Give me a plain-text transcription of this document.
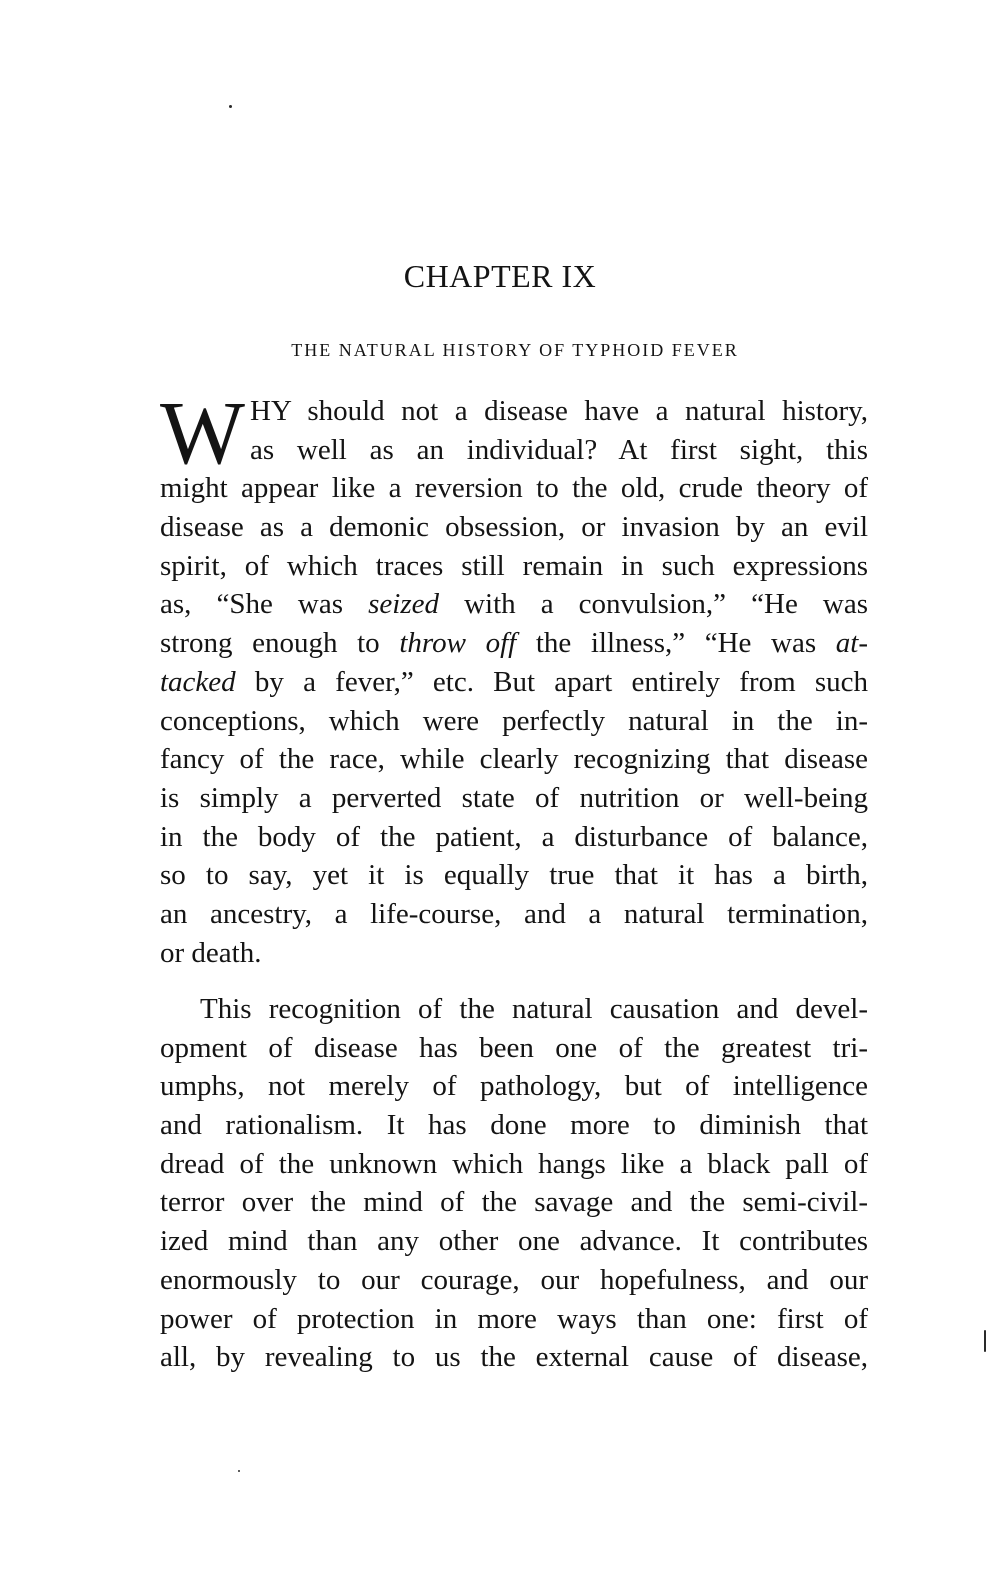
CHAPTER IX
THE NATURAL HISTORY OF TYPHOID FEVER
W HY should not a disease have a natural history,
as well as an individual? At first sight, this
might appear like a reversion to the old, crude theory of
disease as a demonic obsession, or invasion by an evil
spirit, of which traces still remain in such expressions
as, “She was seized with a convulsion,” “He was
strong enough to throw off the illness,” “He was at-
tacked by a fever,” etc. But apart entirely from such
conceptions, which were perfectly natural in the in-
fancy of the race, while clearly recognizing that disease
is simply a perverted state of nutrition or well-being
in the body of the patient, a disturbance of balance,
so to say, yet it is equally true that it has a birth,
an ancestry, a life-course, and a natural termination,
or death.
This recognition of the natural causation and devel-
opment of disease has been one of the greatest tri-
umphs, not merely of pathology, but of intelligence
and rationalism. It has done more to diminish that
dread of the unknown which hangs like a black pall of
terror over the mind of the savage and the semi-civil-
ized mind than any other one advance. It contributes
enormously to our courage, our hopefulness, and our
power of protection in more ways than one: first of
all, by revealing to us the external cause of disease,
